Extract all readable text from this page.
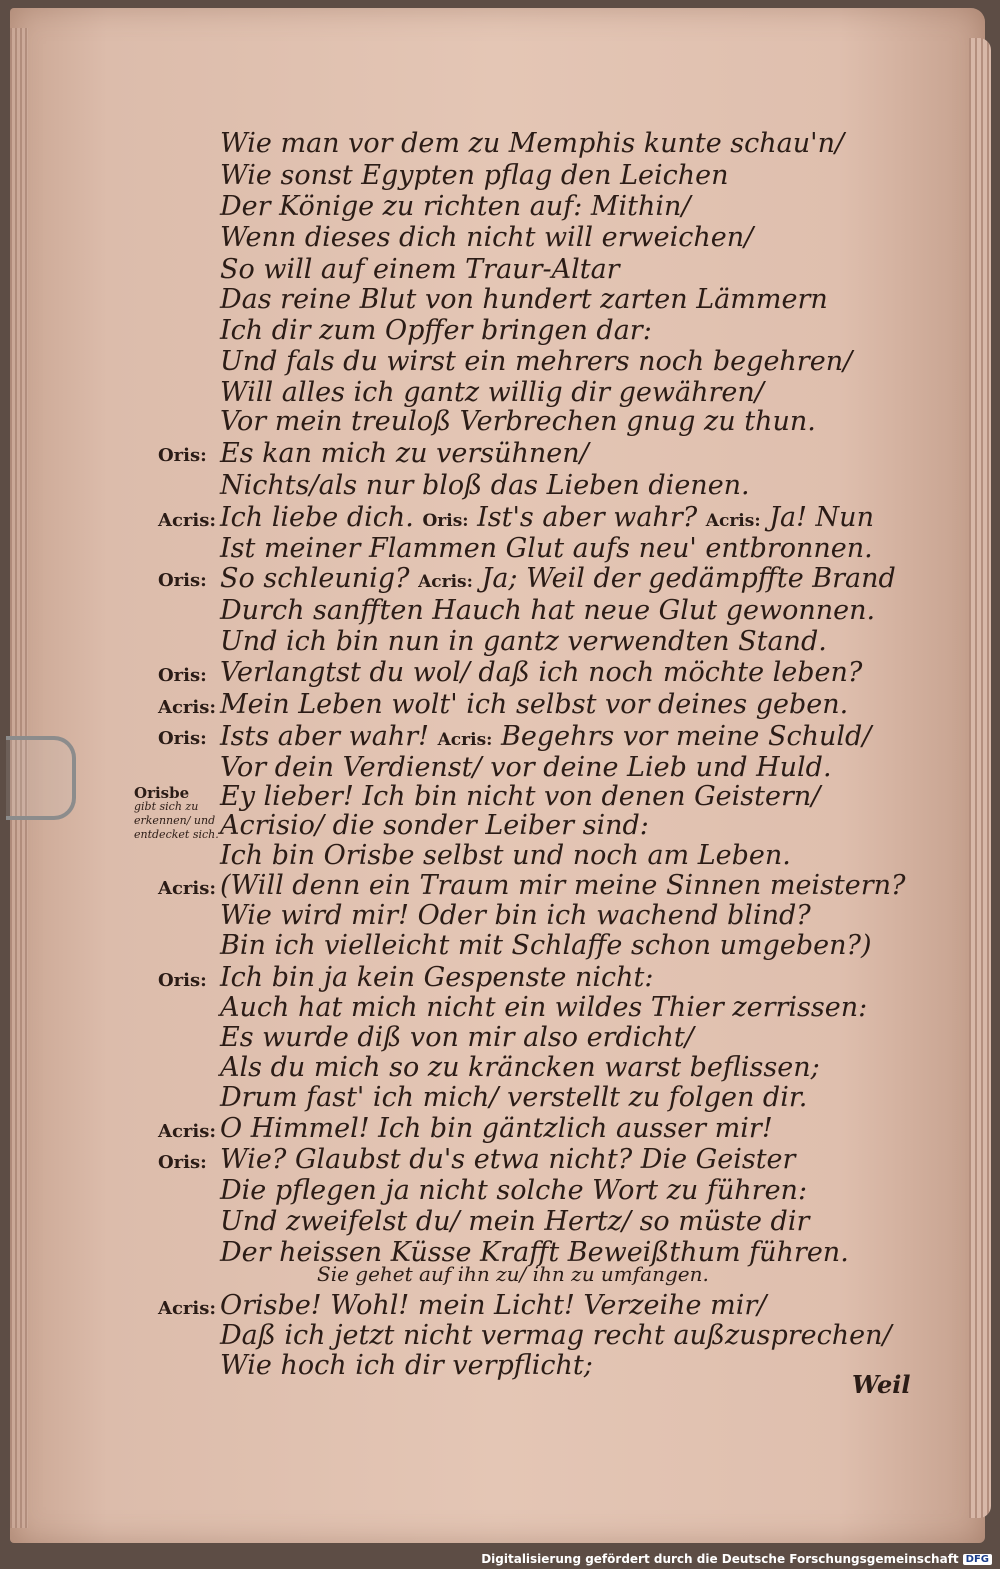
Wie man vor dem zu Memphis kunte schau'n/
Wie sonst Egypten pflag den Leichen
Der Könige zu richten auf: Mithin/
Wenn dieses dich nicht will erweichen/
So will auf einem Traur-Altar
Das reine Blut von hundert zarten Lämmern
Ich dir zum Opffer bringen dar:
Und fals du wirst ein mehrers noch begehren/
Will alles ich gantz willig dir gewähren/
Vor mein treuloß Verbrechen gnug zu thun.
Oris: Es kan mich zu versühnen/
Nichts/als nur bloß das Lieben dienen.
Acris: Ich liebe dich. Oris: Ist's aber wahr? Acris: Ja! Nun
Ist meiner Flammen Glut aufs neu' entbronnen.
Oris: So schleunig? Acris: Ja; Weil der gedämpffte Brand
Durch sanfften Hauch hat neue Glut gewonnen.
Und ich bin nun in gantz verwendten Stand.
Oris: Verlangtst du wol/ daß ich noch möchte leben?
Acris: Mein Leben wolt' ich selbst vor deines geben.
Oris: Ists aber wahr! Acris: Begehrs vor meine Schuld/
Vor dein Verdienst/ vor deine Lieb und Huld.
Orisbe
gibt sich zu erkennen/ und entdecket sich.
Ey lieber! Ich bin nicht von denen Geistern/
Acrisio/ die sonder Leiber sind:
Ich bin Orisbe selbst und noch am Leben.
Acris: (Will denn ein Traum mir meine Sinnen meistern?
Wie wird mir! Oder bin ich wachend blind?
Bin ich vielleicht mit Schlaffe schon umgeben?)
Oris: Ich bin ja kein Gespenste nicht:
Auch hat mich nicht ein wildes Thier zerrissen:
Es wurde diß von mir also erdicht/
Als du mich so zu kräncken warst beflissen;
Drum fast' ich mich/ verstellt zu folgen dir.
Acris: O Himmel! Ich bin gäntzlich ausser mir!
Oris: Wie? Glaubst du's etwa nicht? Die Geister
Die pflegen ja nicht solche Wort zu führen:
Und zweifelst du/ mein Hertz/ so müste dir
Der heissen Küsse Krafft Beweißthum führen.
Sie gehet auf ihn zu/ ihn zu umfangen.
Acris: Orisbe! Wohl! mein Licht! Verzeihe mir/
Daß ich jetzt nicht vermag recht außzusprechen/
Wie hoch ich dir verpflicht;
Weil
Digitalisierung gefördert durch die Deutsche Forschungsgemeinschaft DFG
